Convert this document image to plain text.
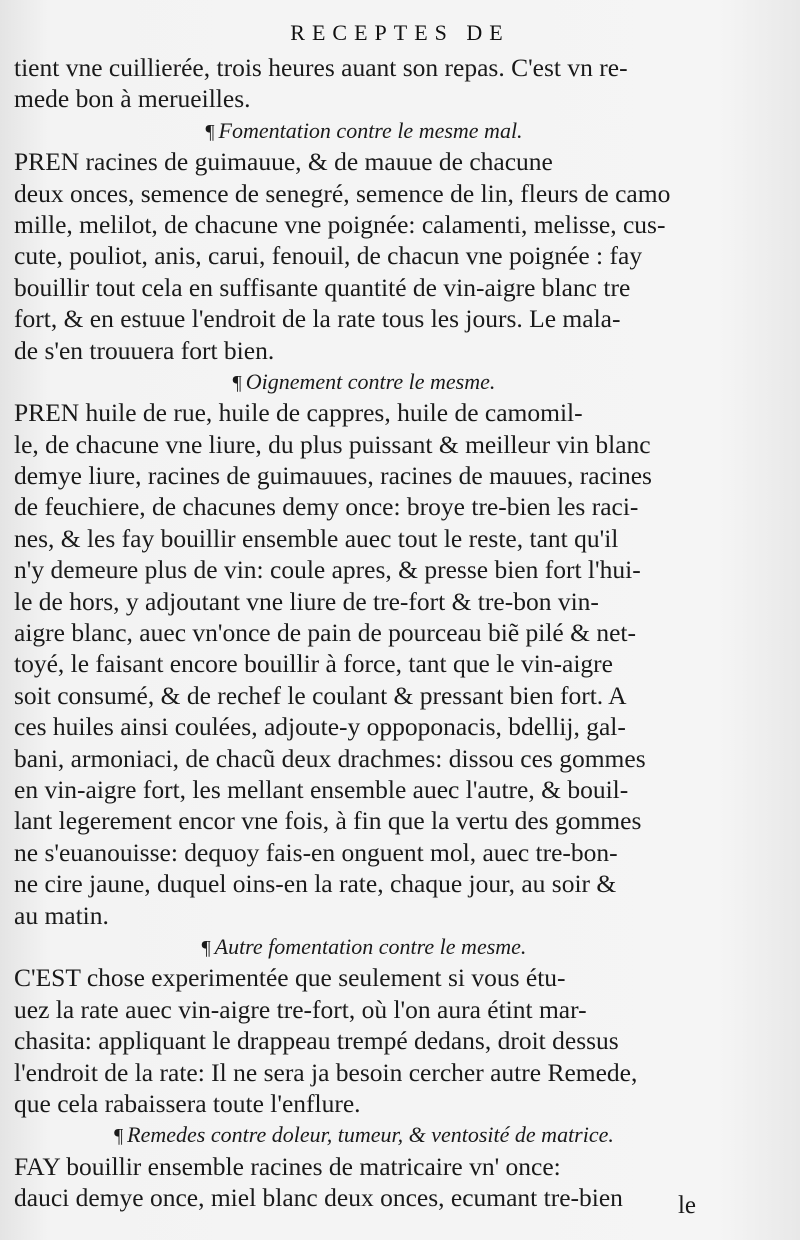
RECEPTES DE
tient vne cuillierée, trois heures auant son repas. C'est vn re-
mede bon à merueilles.
¶ Fomentation contre le mesme mal.
PREN racines de guimauue, & de mauue de chacune
deux onces, semence de senegré, semence de lin, fleurs de camo
mille, melilot, de chacune vne poignée: calamenti, melisse, cus-
cute, pouliot, anis, carui, fenouil, de chacun vne poignée : fay
bouillir tout cela en suffisante quantité de vin-aigre blanc tre
fort, & en estuue l'endroit de la rate tous les jours. Le mala-
de s'en trouuera fort bien.
¶ Oignement contre le mesme.
PREN huile de rue, huile de cappres, huile de camomil-
le, de chacune vne liure, du plus puissant & meilleur vin blanc
demye liure, racines de guimauues, racines de mauues, racines
de feuchiere, de chacunes demy once: broye tre-bien les raci-
nes, & les fay bouillir ensemble auec tout le reste, tant qu'il
n'y demeure plus de vin: coule apres, & presse bien fort l'hui-
le de hors, y adjoutant vne liure de tre-fort & tre-bon vin-
aigre blanc, auec vn'once de pain de pourceau biẽ pilé & net-
toyé, le faisant encore bouillir à force, tant que le vin-aigre
soit consumé, & de rechef le coulant & pressant bien fort. A
ces huiles ainsi coulées, adjoute-y oppoponacis, bdellij, gal-
bani, armoniaci, de chacũ deux drachmes: dissou ces gommes
en vin-aigre fort, les mellant ensemble auec l'autre, & bouil-
lant legerement encor vne fois, à fin que la vertu des gommes
ne s'euanouisse: dequoy fais-en onguent mol, auec tre-bon-
ne cire jaune, duquel oins-en la rate, chaque jour, au soir &
au matin.
¶ Autre fomentation contre le mesme.
C'EST chose experimentée que seulement si vous étu-
uez la rate auec vin-aigre tre-fort, où l'on aura étint mar-
chasita: appliquant le drappeau trempé dedans, droit dessus
l'endroit de la rate: Il ne sera ja besoin cercher autre Remede,
que cela rabaissera toute l'enflure.
¶ Remedes contre doleur, tumeur, & ventosité de matrice.
FAY bouillir ensemble racines de matricaire vn' once:
dauci demye once, miel blanc deux onces, ecumant tre-bien	le
